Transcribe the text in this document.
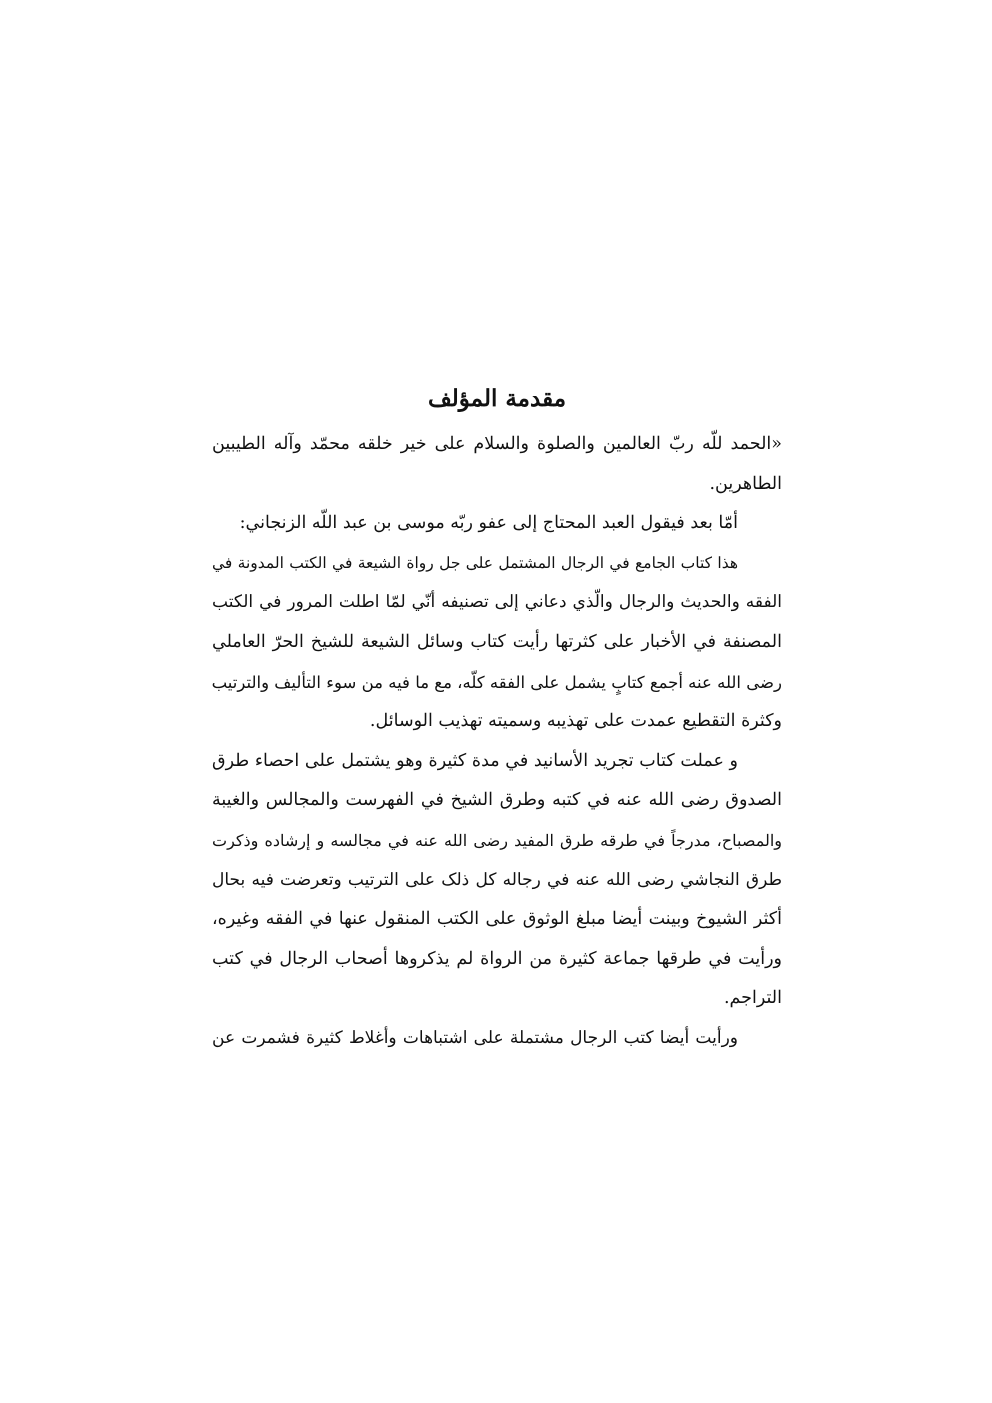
مقدمة المؤلف
«الحمد للّه ربّ العالمين والصلوة والسلام على خير خلقه محمّد وآله الطيبين
الطاهرين.
أمّا بعد فيقول العبد المحتاج إلى عفو ربّه موسى بن عبد اللّه الزنجاني:
هذا كتاب الجامع في الرجال المشتمل على جل رواة الشيعة في الكتب المدونة في
الفقه والحديث والرجال والّذي دعاني إلى تصنيفه أنّي لمّا اطلت المرور في الكتب
المصنفة في الأخبار على كثرتها رأيت كتاب وسائل الشيعة للشيخ الحرّ العاملي
رضى الله عنه أجمع كتابٍ يشمل على الفقه كلّه، مع ما فيه من سوء التأليف والترتيب
وكثرة التقطيع عمدت على تهذيبه وسميته تهذيب الوسائل.
و عملت كتاب تجريد الأسانيد في مدة كثيرة وهو يشتمل على احصاء طرق
الصدوق رضى الله عنه في كتبه وطرق الشيخ في الفهرست والمجالس والغيبة
والمصباح، مدرجاً في طرقه طرق المفيد رضى الله عنه في مجالسه و إرشاده وذكرت
طرق النجاشي رضى الله عنه في رجاله كل ذلک على الترتيب وتعرضت فيه بحال
أكثر الشيوخ وبينت أيضا مبلغ الوثوق على الكتب المنقول عنها في الفقه وغيره،
ورأيت في طرقها جماعة كثيرة من الرواة لم يذكروها أصحاب الرجال في كتب
التراجم.
ورأيت أيضا كتب الرجال مشتملة على اشتباهات وأغلاط كثيرة فشمرت عن
